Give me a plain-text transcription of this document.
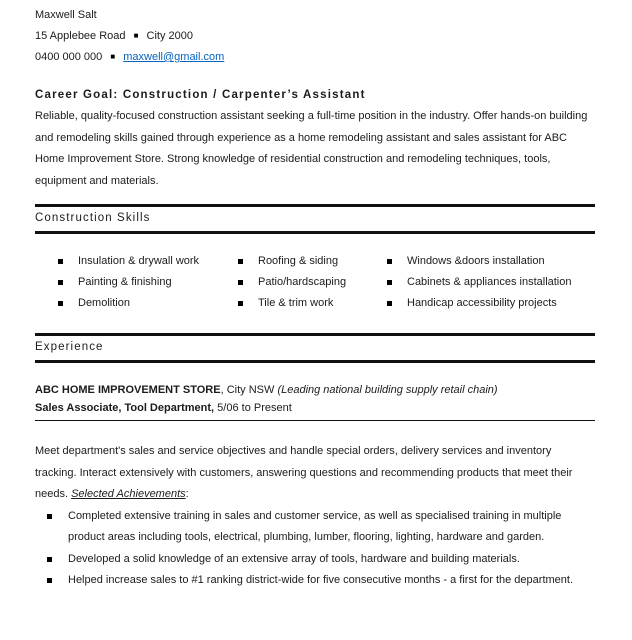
Maxwell Salt
15 Applebee Road ■ City 2000
0400 000 000 ■ maxwell@gmail.com
Career Goal: Construction / Carpenter’s Assistant

Reliable, quality-focused construction assistant seeking a full-time position in the industry. Offer hands-on building and remodeling skills gained through experience as a home remodeling assistant and sales assistant for ABC Home Improvement Store. Strong knowledge of residential construction and remodeling techniques, tools, equipment and materials.

Construction Skills
Insulation & drywall work
Painting & finishing
Demolition
Roofing & siding
Patio/hardscaping
Tile & trim work
Windows &doors installation
Cabinets & appliances installation
Handicap accessibility projects
Experience
ABC HOME IMPROVEMENT STORE, City NSW (Leading national building supply retail chain)
Sales Associate, Tool Department, 5/06 to Present

Meet department's sales and service objectives and handle special orders, delivery services and inventory tracking. Interact extensively with customers, answering questions and recommending products that meet their needs. Selected Achievements:

Completed extensive training in sales and customer service, as well as specialised training in multiple product areas including tools, electrical, plumbing, lumber, flooring, lighting, hardware and garden.
Developed a solid knowledge of an extensive array of tools, hardware and building materials.
Helped increase sales to #1 ranking district-wide for five consecutive months - a first for the department.
